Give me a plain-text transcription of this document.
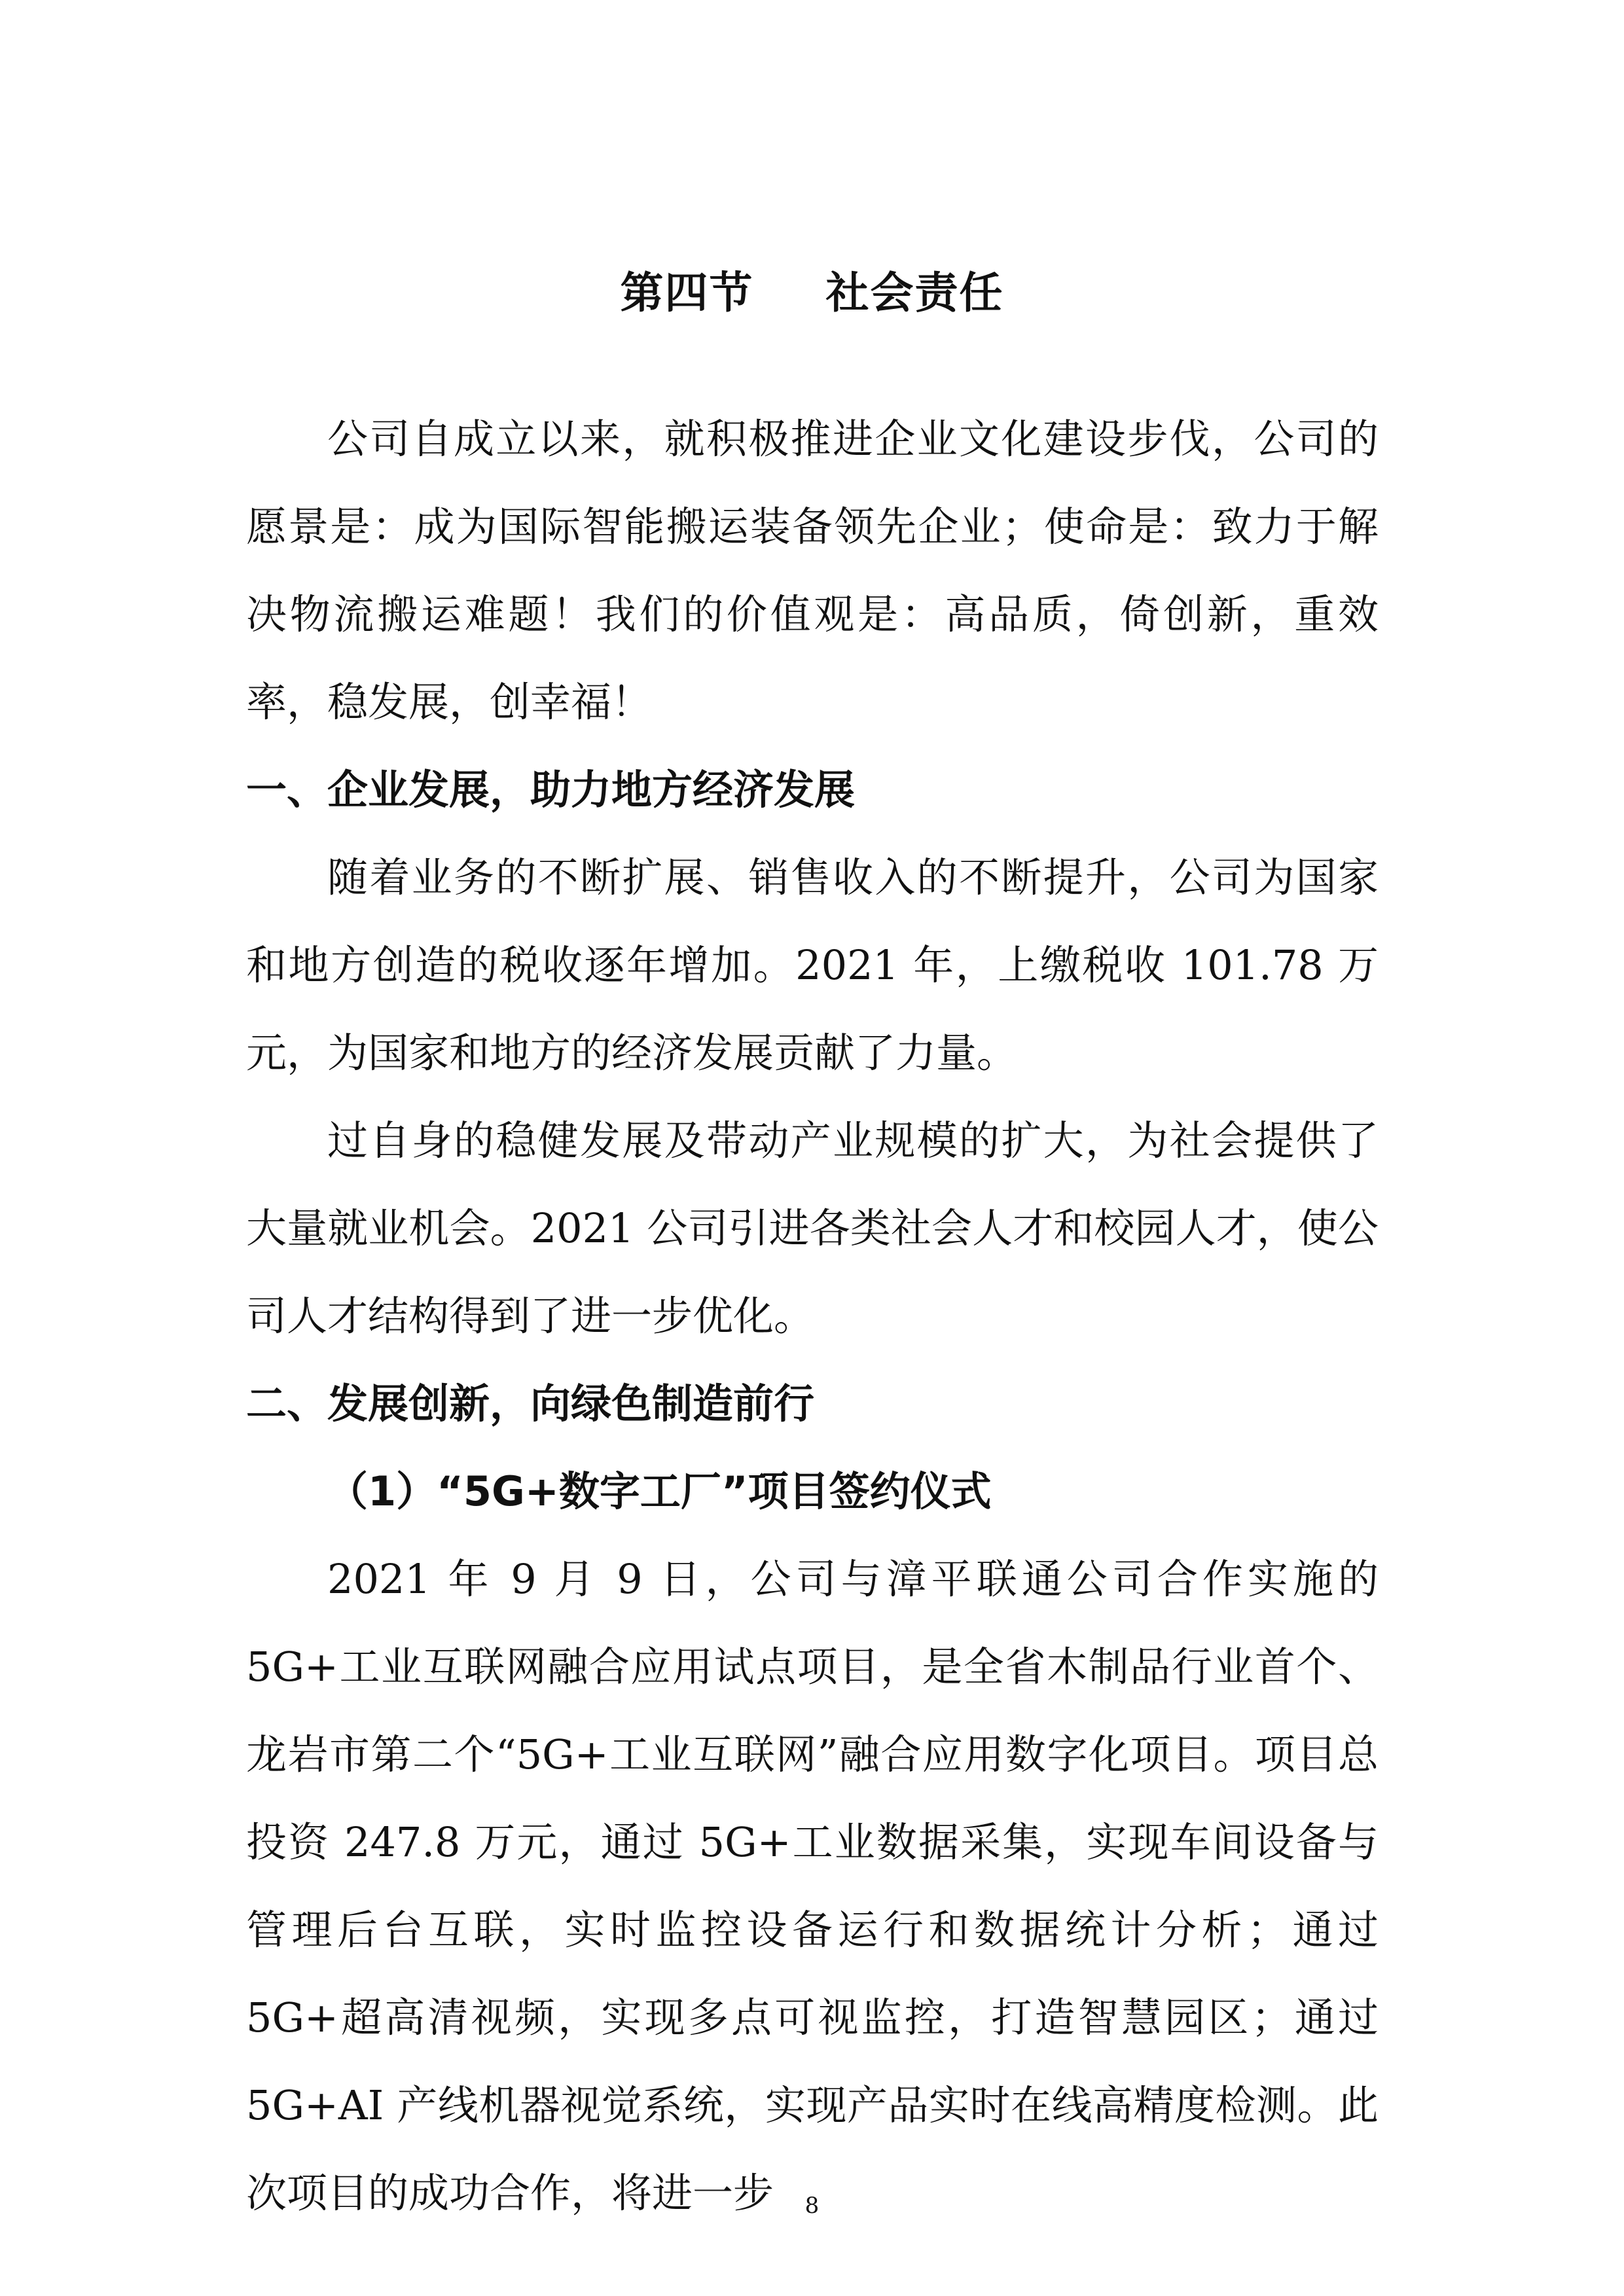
第四节 社会责任

公司自成立以来，就积极推进企业文化建设步伐，公司的愿景是：成为国际智能搬运装备领先企业；使命是：致力于解决物流搬运难题！我们的价值观是：高品质，倚创新，重效率，稳发展，创幸福！

一、企业发展，助力地方经济发展

随着业务的不断扩展、销售收入的不断提升，公司为国家和地方创造的税收逐年增加。2021 年，上缴税收 101.78 万元，为国家和地方的经济发展贡献了力量。

过自身的稳健发展及带动产业规模的扩大，为社会提供了大量就业机会。2021 公司引进各类社会人才和校园人才，使公司人才结构得到了进一步优化。

二、发展创新，向绿色制造前行

（1）“5G+数字工厂”项目签约仪式

2021 年 9 月 9 日，公司与漳平联通公司合作实施的 5G+工业互联网融合应用试点项目，是全省木制品行业首个、龙岩市第二个“5G+工业互联网”融合应用数字化项目。项目总投资 247.8 万元，通过 5G+工业数据采集，实现车间设备与管理后台互联，实时监控设备运行和数据统计分析；通过 5G+超高清视频，实现多点可视监控，打造智慧园区；通过 5G+AI 产线机器视觉系统，实现产品实时在线高精度检测。此次项目的成功合作，将进一步	8
